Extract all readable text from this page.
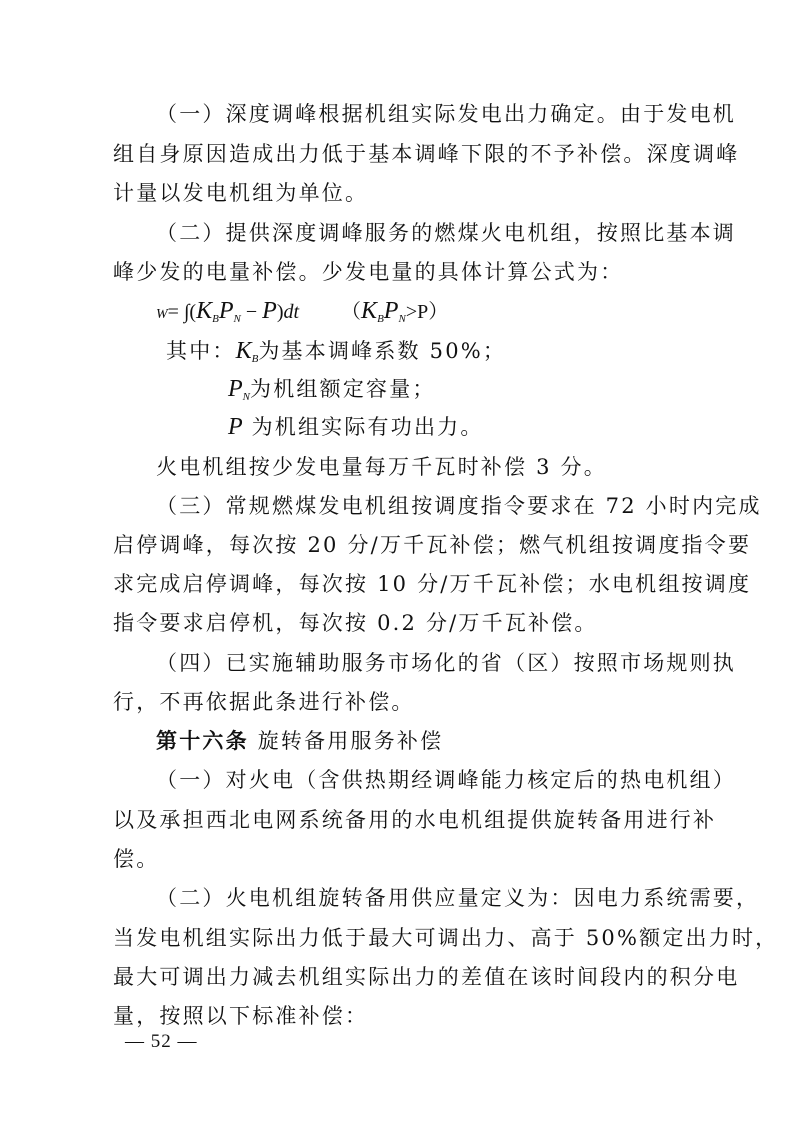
（一）深度调峰根据机组实际发电出力确定。由于发电机
组自身原因造成出力低于基本调峰下限的不予补偿。深度调峰
计量以发电机组为单位。
（二）提供深度调峰服务的燃煤火电机组，按照比基本调
峰少发的电量补偿。少发电量的具体计算公式为：
$W= \int(K_BP_N - P)dt$ $(K_BP_N>P)$
其中：$K_B$为基本调峰系数 50%；
$P_N$为机组额定容量；
P 为机组实际有功出力。
火电机组按少发电量每万千瓦时补偿 3 分。
（三）常规燃煤发电机组按调度指令要求在 72 小时内完成
启停调峰，每次按 20 分/万千瓦补偿；燃气机组按调度指令要
求完成启停调峰，每次按 10 分/万千瓦补偿；水电机组按调度
指令要求启停机，每次按 0.2 分/万千瓦补偿。
（四）已实施辅助服务市场化的省（区）按照市场规则执
行，不再依据此条进行补偿。
第十六条 旋转备用服务补偿
（一）对火电（含供热期经调峰能力核定后的热电机组）
以及承担西北电网系统备用的水电机组提供旋转备用进行补
偿。
（二）火电机组旋转备用供应量定义为：因电力系统需要，
当发电机组实际出力低于最大可调出力、高于 50%额定出力时，
最大可调出力减去机组实际出力的差值在该时间段内的积分电
量，按照以下标准补偿：
— 52 —
